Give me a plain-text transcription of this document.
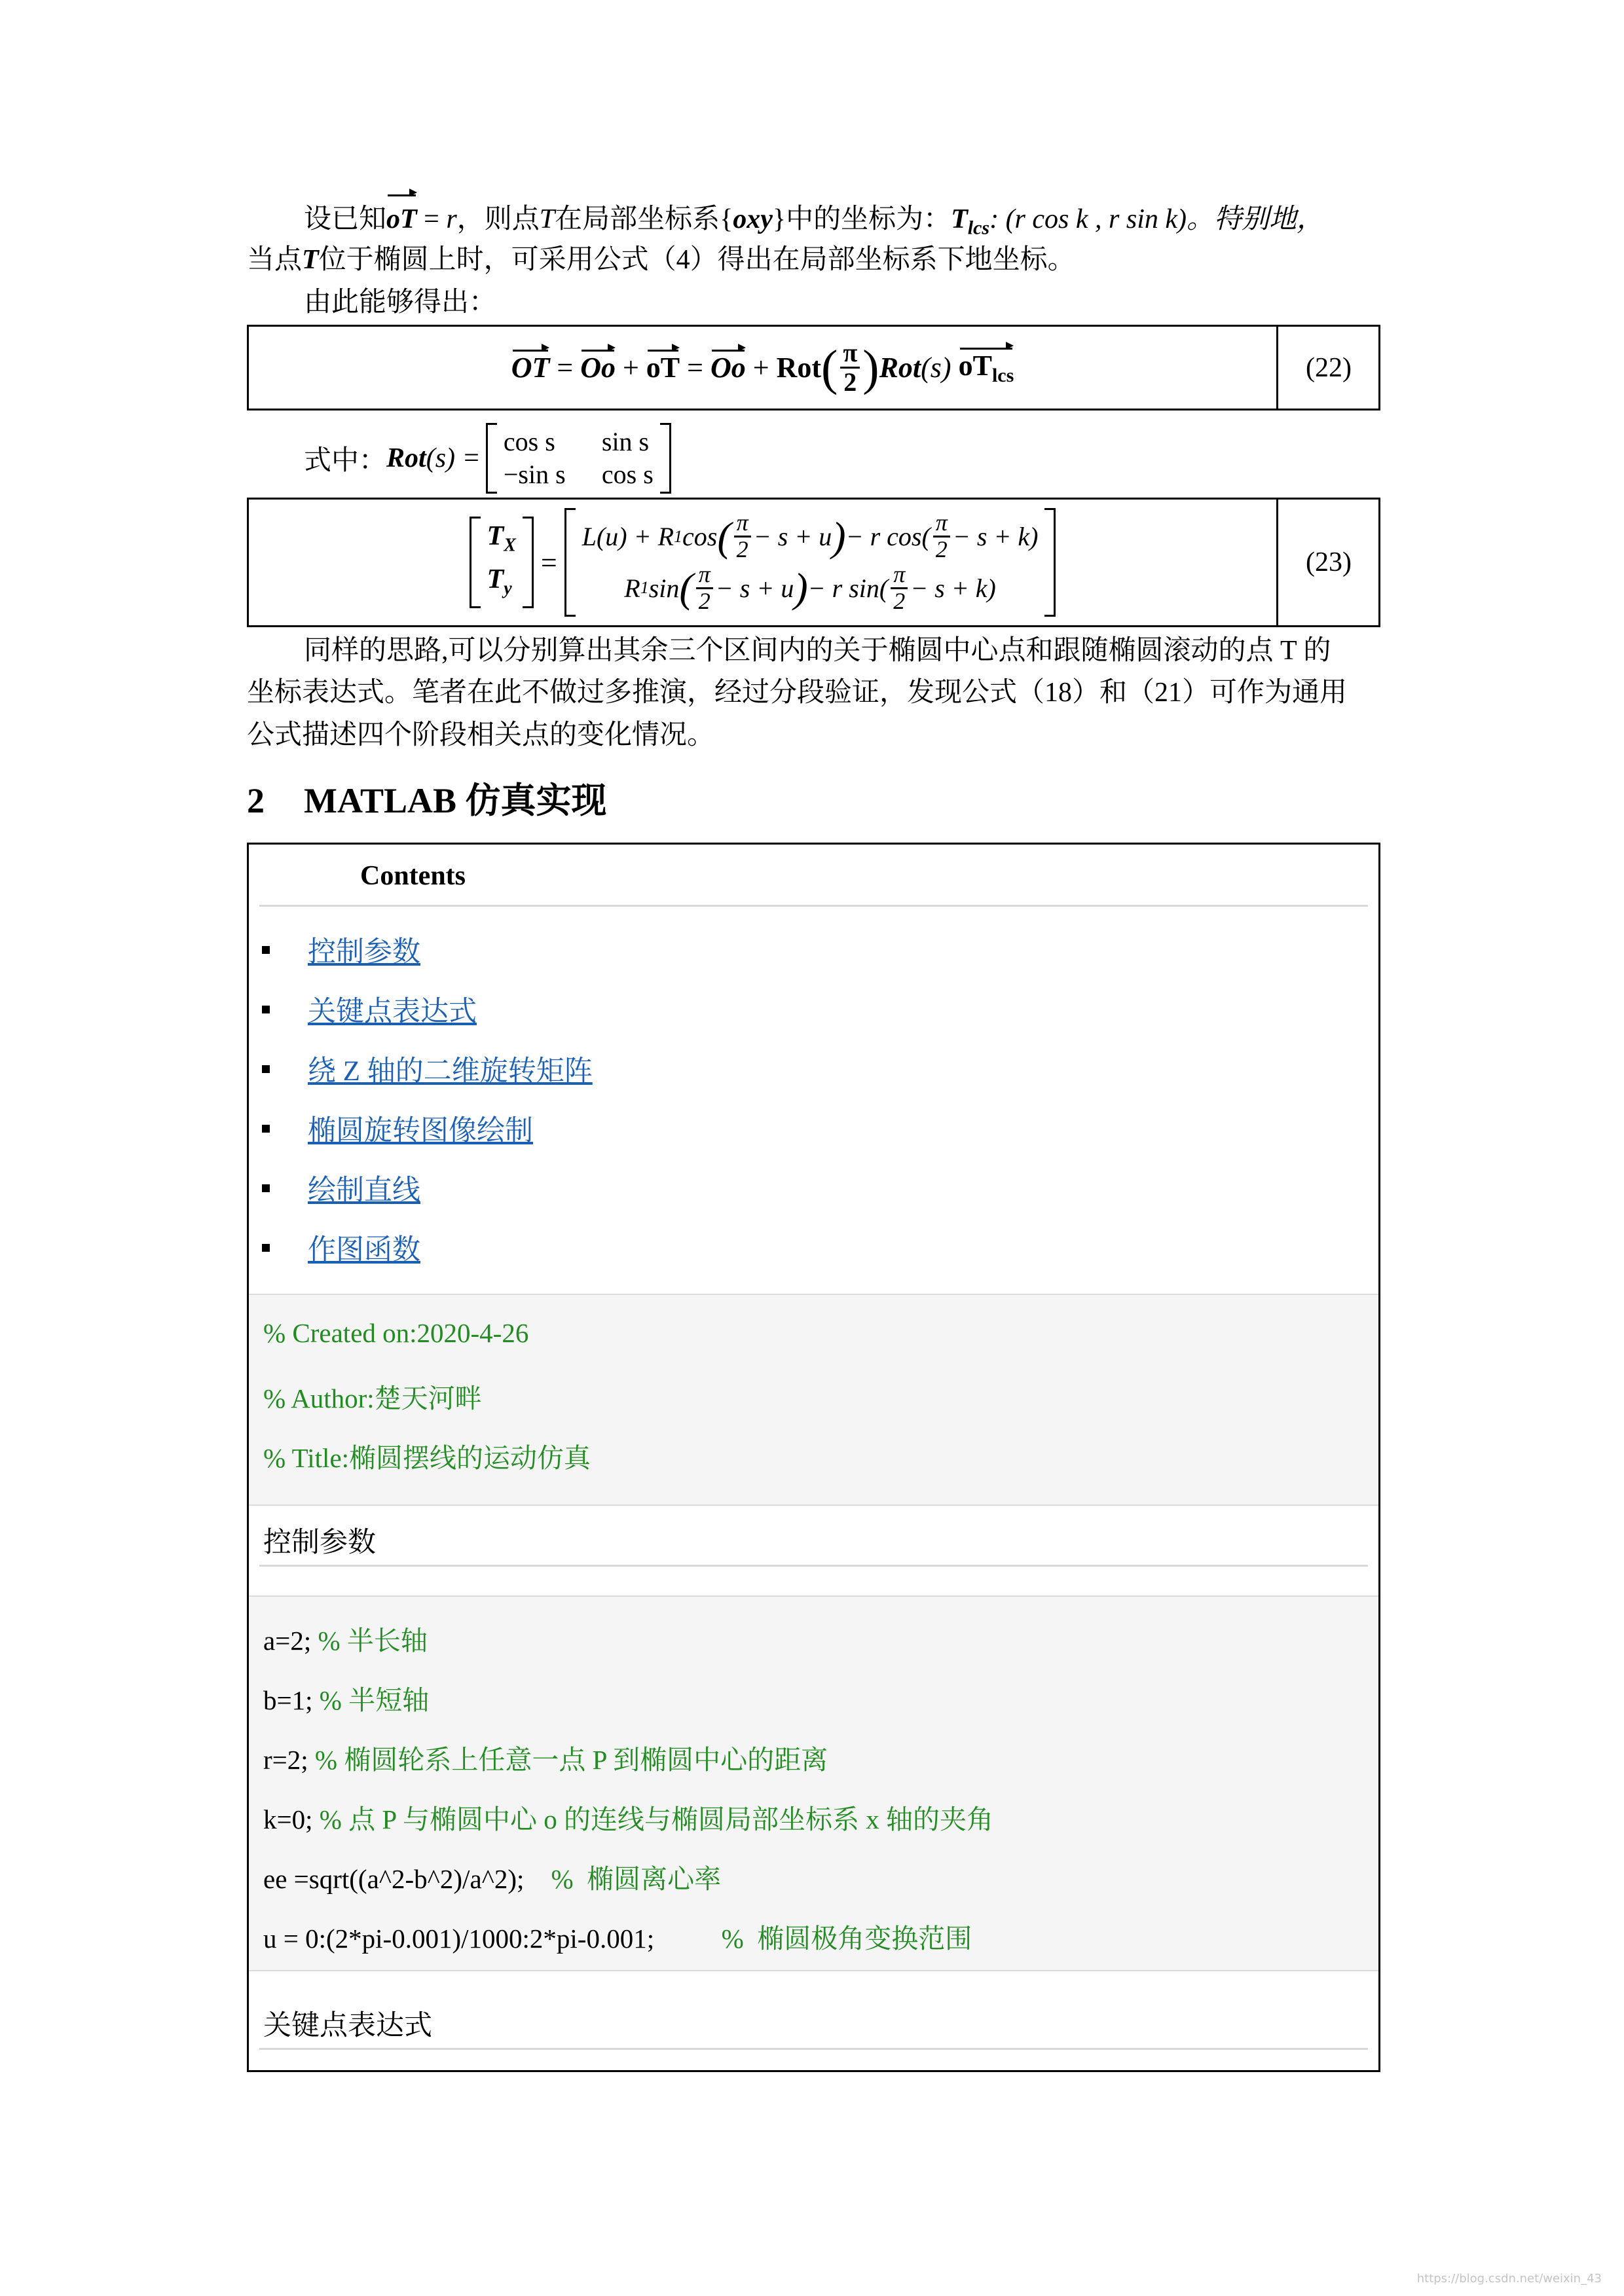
设已知oT = r，则点T在局部坐标系{oxy}中的坐标为：$T_{lcs}$: (r cos k , r sin k)。特别地，
当点T位于椭圆上时，可采用公式（4）得出在局部坐标系下地坐标。
由此能够得出：
OT = Oo + oT = Oo + Rot ( $\frac{\pi}{2}$ ) Rot (s)
$oT_{lcs}$	(22)
式中： Rot (s) =
cos s sin s
−sin s cos s
$T_X$
$T_y$
=
L(u) + R 1 cos ( $\frac{\pi}{2} - s + u$ ) − r $\cos( \frac{\pi}{2} - s + k)$
R 1 sin ( $\frac{\pi}{2} - s + u$ ) − r $\sin( \frac{\pi}{2} - s + k)$
(23)
同样的思路,可以分别算出其余三个区间内的关于椭圆中心点和跟随椭圆滚动的点 T 的
坐标表达式。笔者在此不做过多推演，经过分段验证，发现公式（18）和（21）可作为通用
公式描述四个阶段相关点的变化情况。
2 MATLAB 仿真实现
Contents
控制参数
关键点表达式
绕 Z 轴的二维旋转矩阵
椭圆旋转图像绘制
绘制直线
作图函数
% Created on:2020-4-26
% Author:楚天河畔
% Title:椭圆摆线的运动仿真
控制参数
a=2; % 半长轴
b=1; % 半短轴
r=2; % 椭圆轮系上任意一点 P 到椭圆中心的距离
k=0; % 点 P 与椭圆中心 o 的连线与椭圆局部坐标系 x 轴的夹角
ee =sqrt((a^2-b^2)/a^2);    %  椭圆离心率
u = 0:(2*pi-0.001)/1000:2*pi-0.001;          %  椭圆极角变换范围
关键点表达式
https://blog.csdn.net/weixin_43
